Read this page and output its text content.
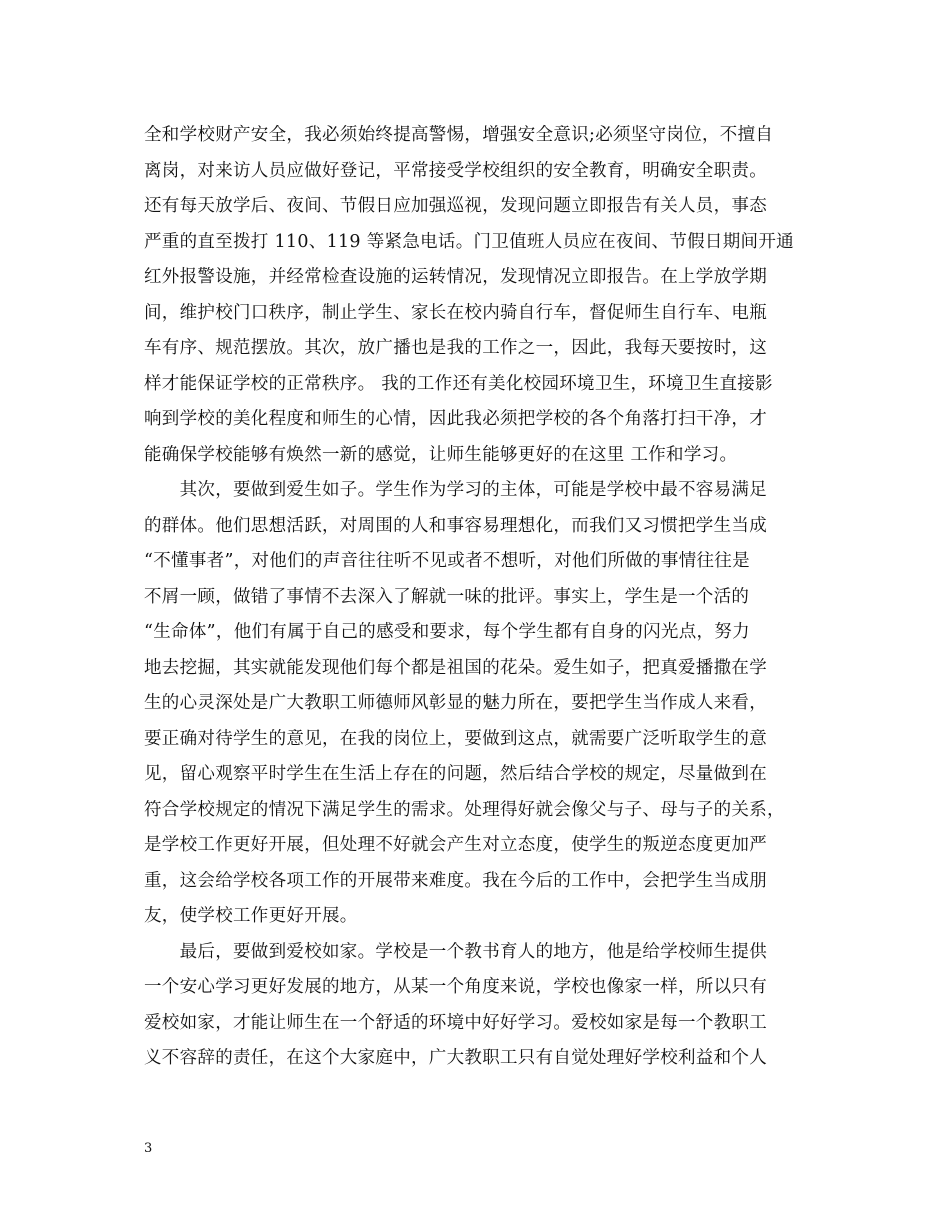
全和学校财产安全，我必须始终提高警惕，增强安全意识;必须坚守岗位，不擅自
离岗，对来访人员应做好登记，平常接受学校组织的安全教育，明确安全职责。
还有每天放学后、夜间、节假日应加强巡视，发现问题立即报告有关人员，事态
严重的直至拨打 110、119 等紧急电话。门卫值班人员应在夜间、节假日期间开通
红外报警设施，并经常检查设施的运转情况，发现情况立即报告。在上学放学期
间，维护校门口秩序，制止学生、家长在校内骑自行车，督促师生自行车、电瓶
车有序、规范摆放。其次，放广播也是我的工作之一，因此，我每天要按时，这
样才能保证学校的正常秩序。 我的工作还有美化校园环境卫生，环境卫生直接影
响到学校的美化程度和师生的心情，因此我必须把学校的各个角落打扫干净，才
能确保学校能够有焕然一新的感觉，让师生能够更好的在这里 工作和学习。
　　其次，要做到爱生如子。学生作为学习的主体，可能是学校中最不容易满足
的群体。他们思想活跃，对周围的人和事容易理想化，而我们又习惯把学生当成
“不懂事者”，对他们的声音往往听不见或者不想听，对他们所做的事情往往是
不屑一顾，做错了事情不去深入了解就一味的批评。事实上，学生是一个活的
“生命体”，他们有属于自己的感受和要求，每个学生都有自身的闪光点，努力
地去挖掘，其实就能发现他们每个都是祖国的花朵。爱生如子，把真爱播撒在学
生的心灵深处是广大教职工师德师风彰显的魅力所在，要把学生当作成人来看，
要正确对待学生的意见，在我的岗位上，要做到这点，就需要广泛听取学生的意
见，留心观察平时学生在生活上存在的问题，然后结合学校的规定，尽量做到在
符合学校规定的情况下满足学生的需求。处理得好就会像父与子、母与子的关系，
是学校工作更好开展，但处理不好就会产生对立态度，使学生的叛逆态度更加严
重，这会给学校各项工作的开展带来难度。我在今后的工作中，会把学生当成朋
友，使学校工作更好开展。
　　最后，要做到爱校如家。学校是一个教书育人的地方，他是给学校师生提供
一个安心学习更好发展的地方，从某一个角度来说，学校也像家一样，所以只有
爱校如家，才能让师生在一个舒适的环境中好好学习。爱校如家是每一个教职工
义不容辞的责任，在这个大家庭中，广大教职工只有自觉处理好学校利益和个人
3
